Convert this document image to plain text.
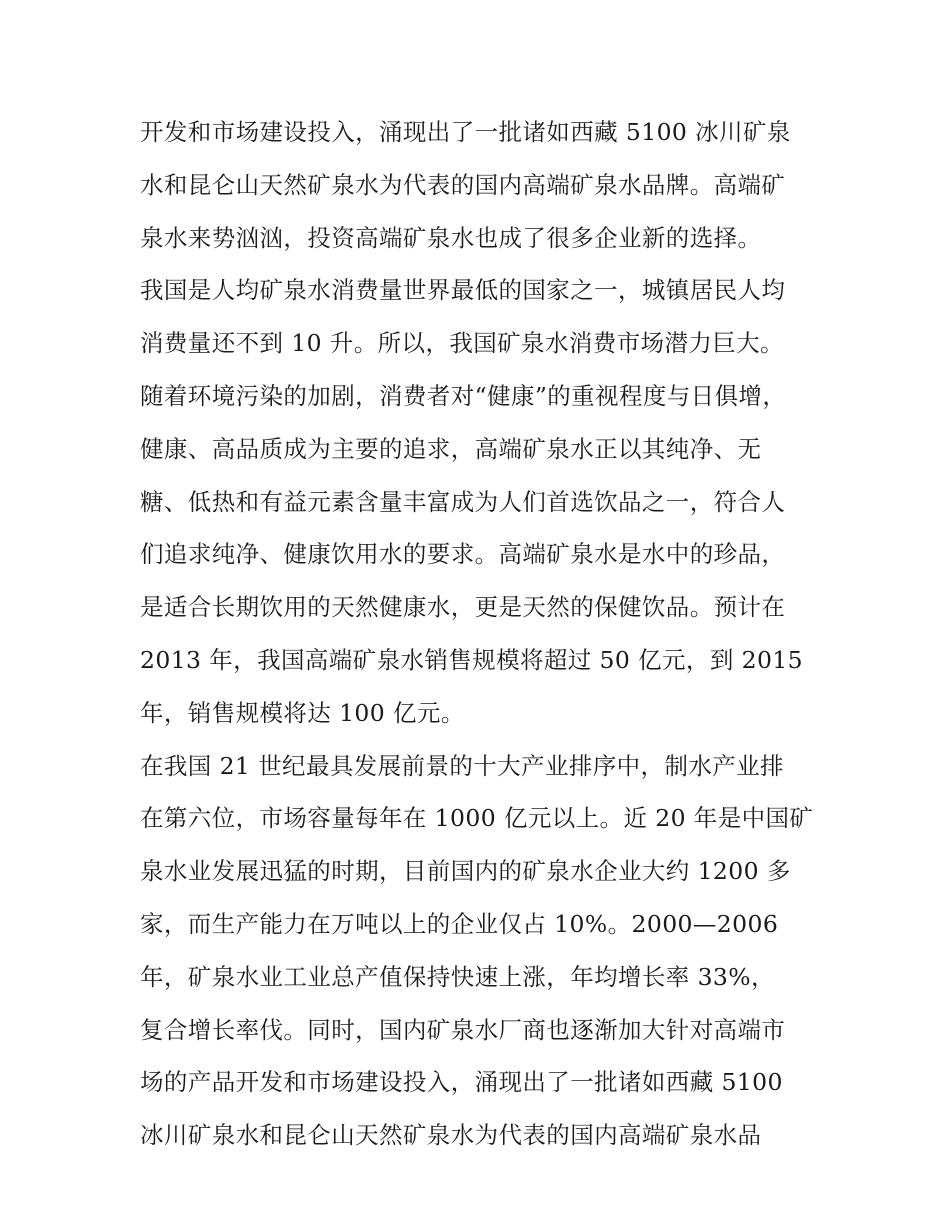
开发和市场建设投入，涌现出了一批诸如西藏 5100 冰川矿泉
水和昆仑山天然矿泉水为代表的国内高端矿泉水品牌。高端矿
泉水来势汹汹，投资高端矿泉水也成了很多企业新的选择。
我国是人均矿泉水消费量世界最低的国家之一，城镇居民人均
消费量还不到 10 升。所以，我国矿泉水消费市场潜力巨大。
随着环境污染的加剧，消费者对“健康”的重视程度与日俱增，
健康、高品质成为主要的追求，高端矿泉水正以其纯净、无
糖、低热和有益元素含量丰富成为人们首选饮品之一，符合人
们追求纯净、健康饮用水的要求。高端矿泉水是水中的珍品，
是适合长期饮用的天然健康水，更是天然的保健饮品。预计在
2013 年，我国高端矿泉水销售规模将超过 50 亿元，到 2015
年，销售规模将达 100 亿元。
在我国 21 世纪最具发展前景的十大产业排序中，制水产业排
在第六位，市场容量每年在 1000 亿元以上。近 20 年是中国矿
泉水业发展迅猛的时期，目前国内的矿泉水企业大约 1200 多
家，而生产能力在万吨以上的企业仅占 10%。2000—2006
年，矿泉水业工业总产值保持快速上涨，年均增长率 33%，
复合增长率伐。同时，国内矿泉水厂商也逐渐加大针对高端市
场的产品开发和市场建设投入，涌现出了一批诸如西藏 5100
冰川矿泉水和昆仑山天然矿泉水为代表的国内高端矿泉水品
